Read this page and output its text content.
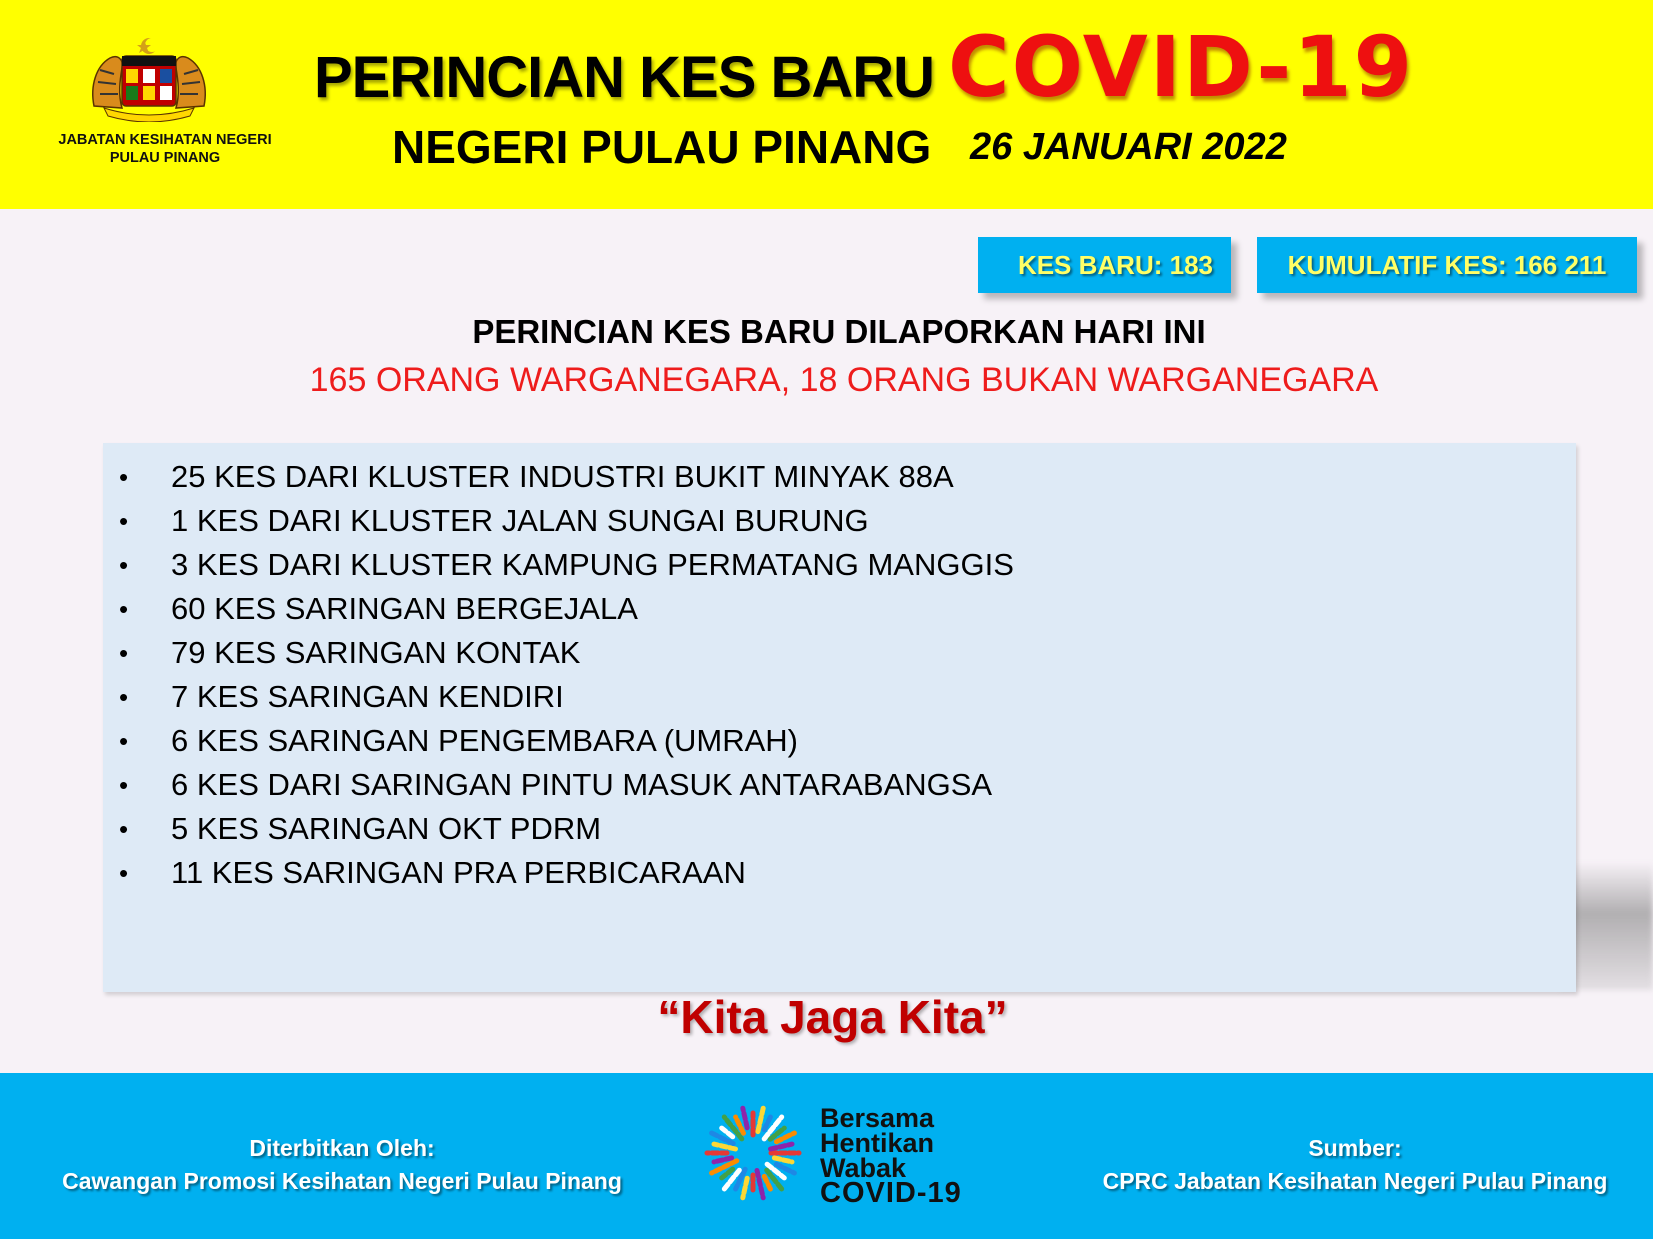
JABATAN KESIHATAN NEGERI
PULAU PINANG
PERINCIAN KES BARU COVID-19
NEGERI PULAU PINANG 26 JANUARI 2022
KES BARU: 183	KUMULATIF KES: 166 211
PERINCIAN KES BARU DILAPORKAN HARI INI
165 ORANG WARGANEGARA, 18 ORANG BUKAN WARGANEGARA
• 25 KES DARI KLUSTER INDUSTRI BUKIT MINYAK 88A
• 1 KES DARI KLUSTER JALAN SUNGAI BURUNG
• 3 KES DARI KLUSTER KAMPUNG PERMATANG MANGGIS
• 60 KES SARINGAN BERGEJALA
• 79 KES SARINGAN KONTAK
• 7 KES SARINGAN KENDIRI
• 6 KES SARINGAN PENGEMBARA (UMRAH)
• 6 KES DARI SARINGAN PINTU MASUK ANTARABANGSA
• 5 KES SARINGAN OKT PDRM
• 11 KES SARINGAN PRA PERBICARAAN
“Kita Jaga Kita”
Diterbitkan Oleh:
Cawangan Promosi Kesihatan Negeri Pulau Pinang
Bersama
Hentikan
Wabak
COVID-19
Sumber:
CPRC Jabatan Kesihatan Negeri Pulau Pinang
